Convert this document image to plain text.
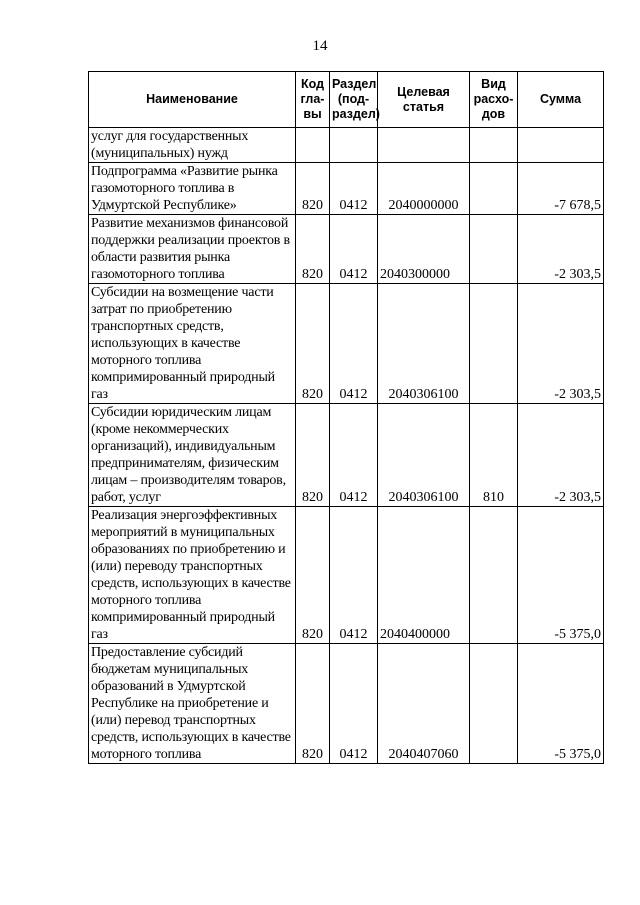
14
Наименование	Код гла-вы	Раздел (под-раздел)	Целевая статья	Вид расхо-дов	Сумма
услуг для государственных (муниципальных) нужд					
Подпрограмма «Развитие рынка газомоторного топлива в Удмуртской Республике»	820	0412	2040000000		-7 678,5
Развитие механизмов финансовой поддержки реализации проектов в области развития рынка газомоторного топлива	820	0412	2040300000		-2 303,5
Субсидии на возмещение части затрат по приобретению транспортных средств, использующих в качестве моторного топлива компримированный природный газ	820	0412	2040306100		-2 303,5
Субсидии юридическим лицам (кроме некоммерческих организаций), индивидуальным предпринимателям, физическим лицам – производителям товаров, работ, услуг	820	0412	2040306100	810	-2 303,5
Реализация энергоэффективных мероприятий в муниципальных образованиях по приобретению и (или) переводу транспортных средств, использующих в качестве моторного топлива компримированный природный газ	820	0412	2040400000		-5 375,0
Предоставление субсидий бюджетам муниципальных образований в Удмуртской Республике на приобретение и (или) перевод транспортных средств, использующих в качестве моторного топлива	820	0412	2040407060		-5 375,0
